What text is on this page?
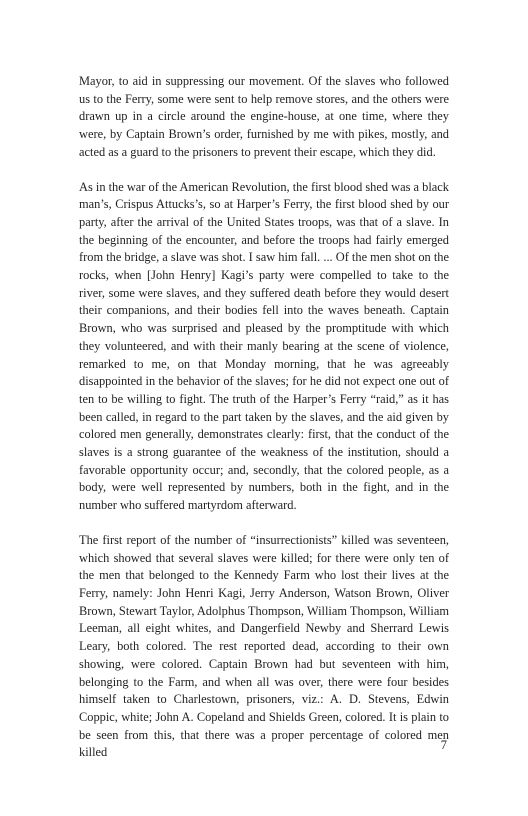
Mayor, to aid in suppressing our movement. Of the slaves who followed us to the Ferry, some were sent to help remove stores, and the others were drawn up in a circle around the engine-house, at one time, where they were, by Captain Brown’s order, furnished by me with pikes, mostly, and acted as a guard to the prisoners to prevent their escape, which they did.

As in the war of the American Revolution, the first blood shed was a black man’s, Crispus Attucks’s, so at Harper’s Ferry, the first blood shed by our party, after the arrival of the United States troops, was that of a slave. In the beginning of the encounter, and before the troops had fairly emerged from the bridge, a slave was shot. I saw him fall. ... Of the men shot on the rocks, when [John Henry] Kagi’s party were compelled to take to the river, some were slaves, and they suffered death before they would desert their companions, and their bodies fell into the waves beneath. Captain Brown, who was surprised and pleased by the promptitude with which they volunteered, and with their manly bearing at the scene of violence, remarked to me, on that Monday morning, that he was agreeably disappointed in the behavior of the slaves; for he did not expect one out of ten to be willing to fight. The truth of the Harper’s Ferry “raid,” as it has been called, in regard to the part taken by the slaves, and the aid given by colored men generally, demonstrates clearly: first, that the conduct of the slaves is a strong guarantee of the weakness of the institution, should a favorable opportunity occur; and, secondly, that the colored people, as a body, were well represented by numbers, both in the fight, and in the number who suffered martyrdom afterward.

The first report of the number of “insurrectionists” killed was seventeen, which showed that several slaves were killed; for there were only ten of the men that belonged to the Kennedy Farm who lost their lives at the Ferry, namely: John Henri Kagi, Jerry Anderson, Watson Brown, Oliver Brown, Stewart Taylor, Adolphus Thompson, William Thompson, William Leeman, all eight whites, and Dangerfield Newby and Sherrard Lewis Leary, both colored. The rest reported dead, according to their own showing, were colored. Captain Brown had but seventeen with him, belonging to the Farm, and when all was over, there were four besides himself taken to Charlestown, prisoners, viz.: A. D. Stevens, Edwin Coppic, white; John A. Copeland and Shields Green, colored. It is plain to be seen from this, that there was a proper percentage of colored men killed

7
